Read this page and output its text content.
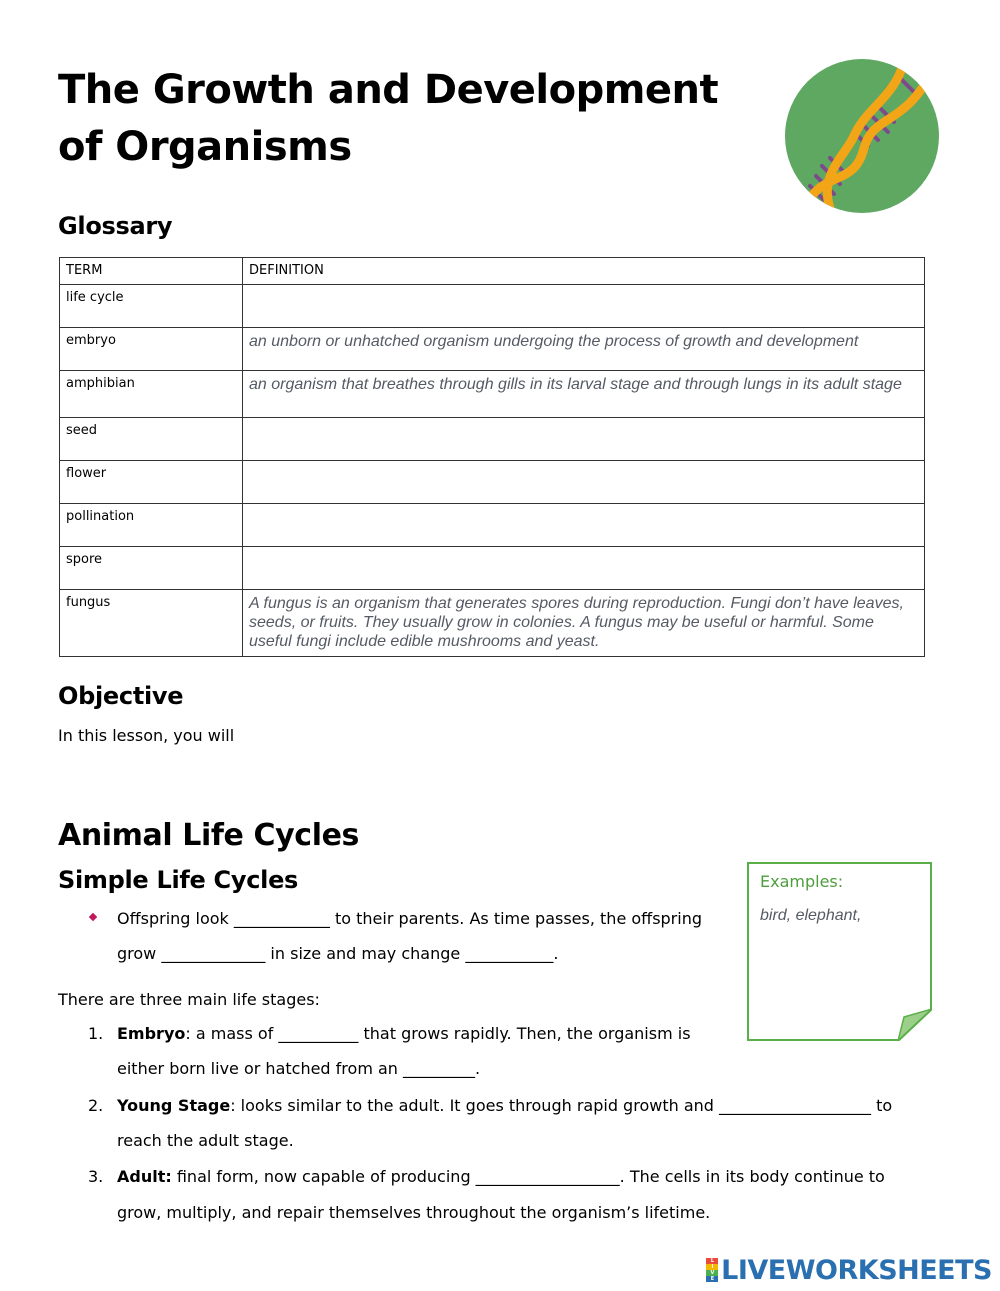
The Growth and Development
of Organisms
Glossary
TERM	DEFINITION
life cycle	
embryo	an unborn or unhatched organism undergoing the process of growth and development
amphibian	an organism that breathes through gills in its larval stage and through lungs in its adult stage
seed	
flower	
pollination	
spore	
fungus	A fungus is an organism that generates spores during reproduction. Fungi don’t have leaves, seeds, or fruits. They usually grow in colonies. A fungus may be useful or harmful. Some useful fungi include edible mushrooms and yeast.
Objective
In this lesson, you will
Animal Life Cycles
Simple Life Cycles
Offspring look ____________ to their parents. As time passes, the offspring
grow _____________ in size and may change ___________.
There are three main life stages:
1. Embryo: a mass of __________ that grows rapidly. Then, the organism is
either born live or hatched from an _________.
2. Young Stage: looks similar to the adult. It goes through rapid growth and ___________________ to
reach the adult stage.
3. Adult: final form, now capable of producing __________________. The cells in its body continue to
grow, multiply, and repair themselves throughout the organism’s lifetime.
Examples:
bird, elephant,
L
I
V
E LIVEWORKSHEETS
